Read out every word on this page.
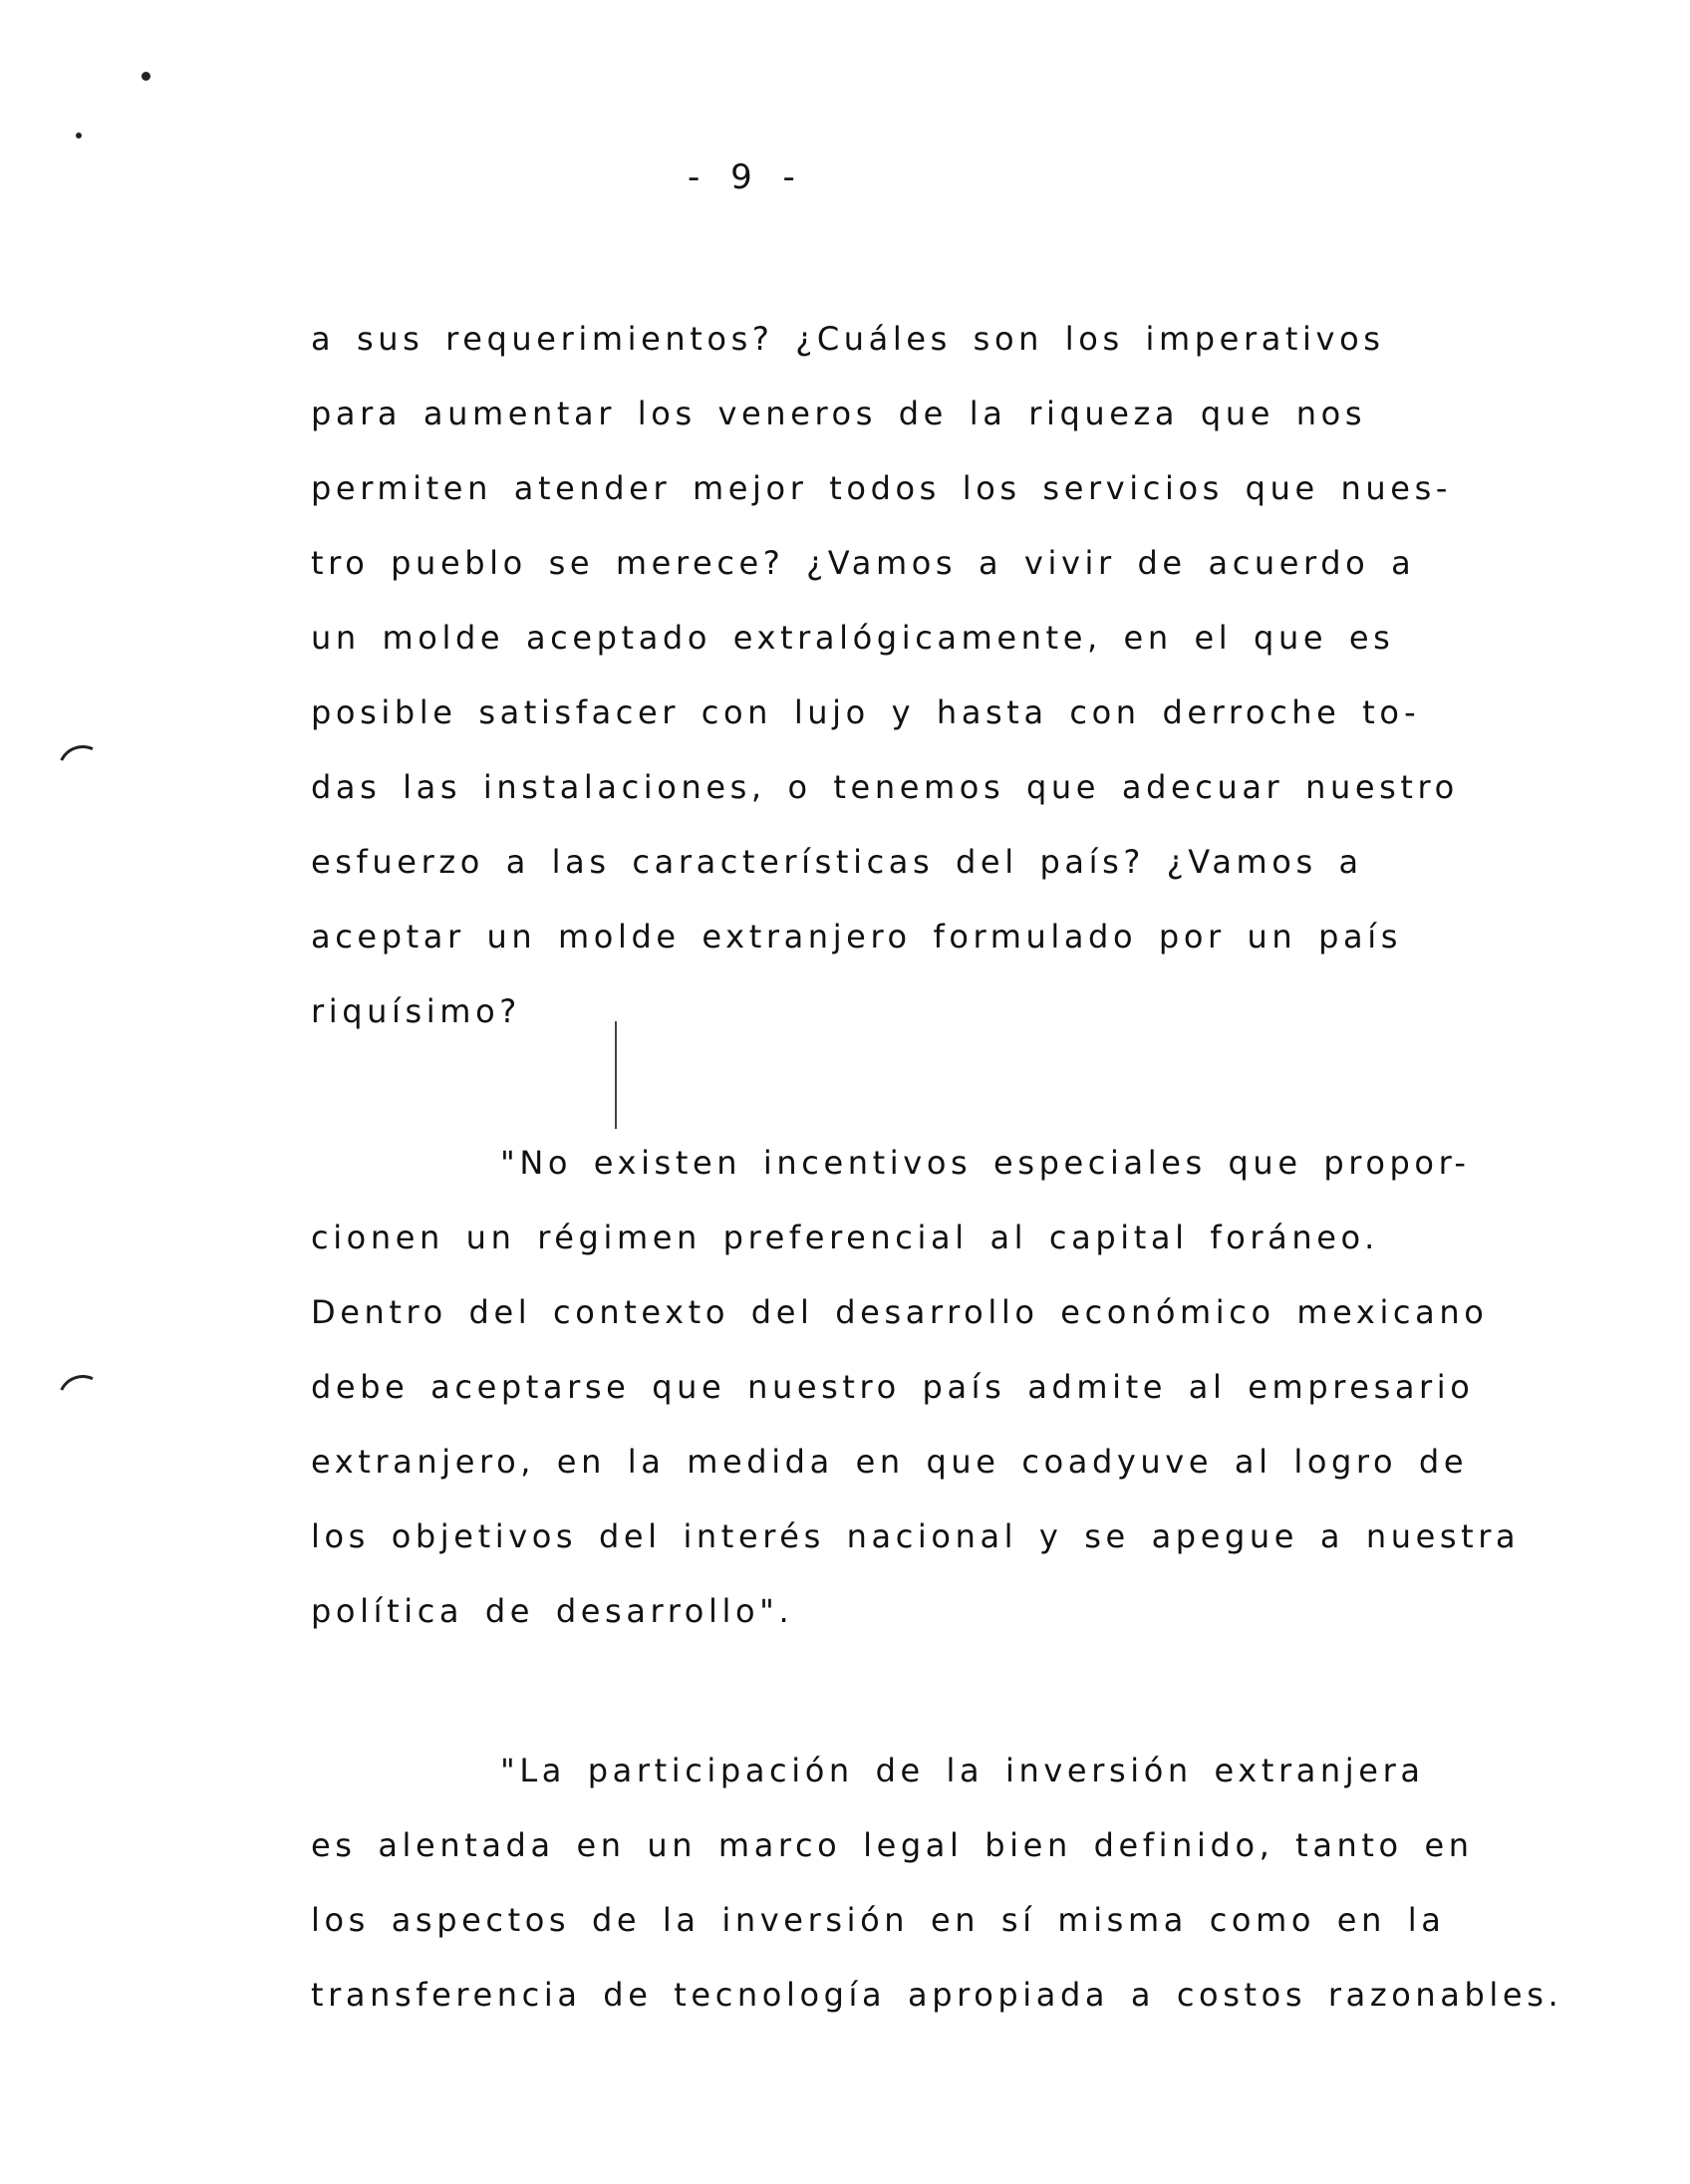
- 9 -
a sus requerimientos? ¿Cuáles son los imperativos
para aumentar los veneros de la riqueza que nos
permiten atender mejor todos los servicios que nues-
tro pueblo se merece? ¿Vamos a vivir de acuerdo a
un molde aceptado extralógicamente, en el que es
posible satisfacer con lujo y hasta con derroche to-
das las instalaciones, o tenemos que adecuar nuestro
esfuerzo a las características del país? ¿Vamos a
aceptar un molde extranjero formulado por un país
riquísimo?
"No existen incentivos especiales que propor-
cionen un régimen preferencial al capital foráneo.
Dentro del contexto del desarrollo económico mexicano
debe aceptarse que nuestro país admite al empresario
extranjero, en la medida en que coadyuve al logro de
los objetivos del interés nacional y se apegue a nuestra
política de desarrollo".
"La participación de la inversión extranjera
es alentada en un marco legal bien definido, tanto en
los aspectos de la inversión en sí misma como en la
transferencia de tecnología apropiada a costos razonables.
